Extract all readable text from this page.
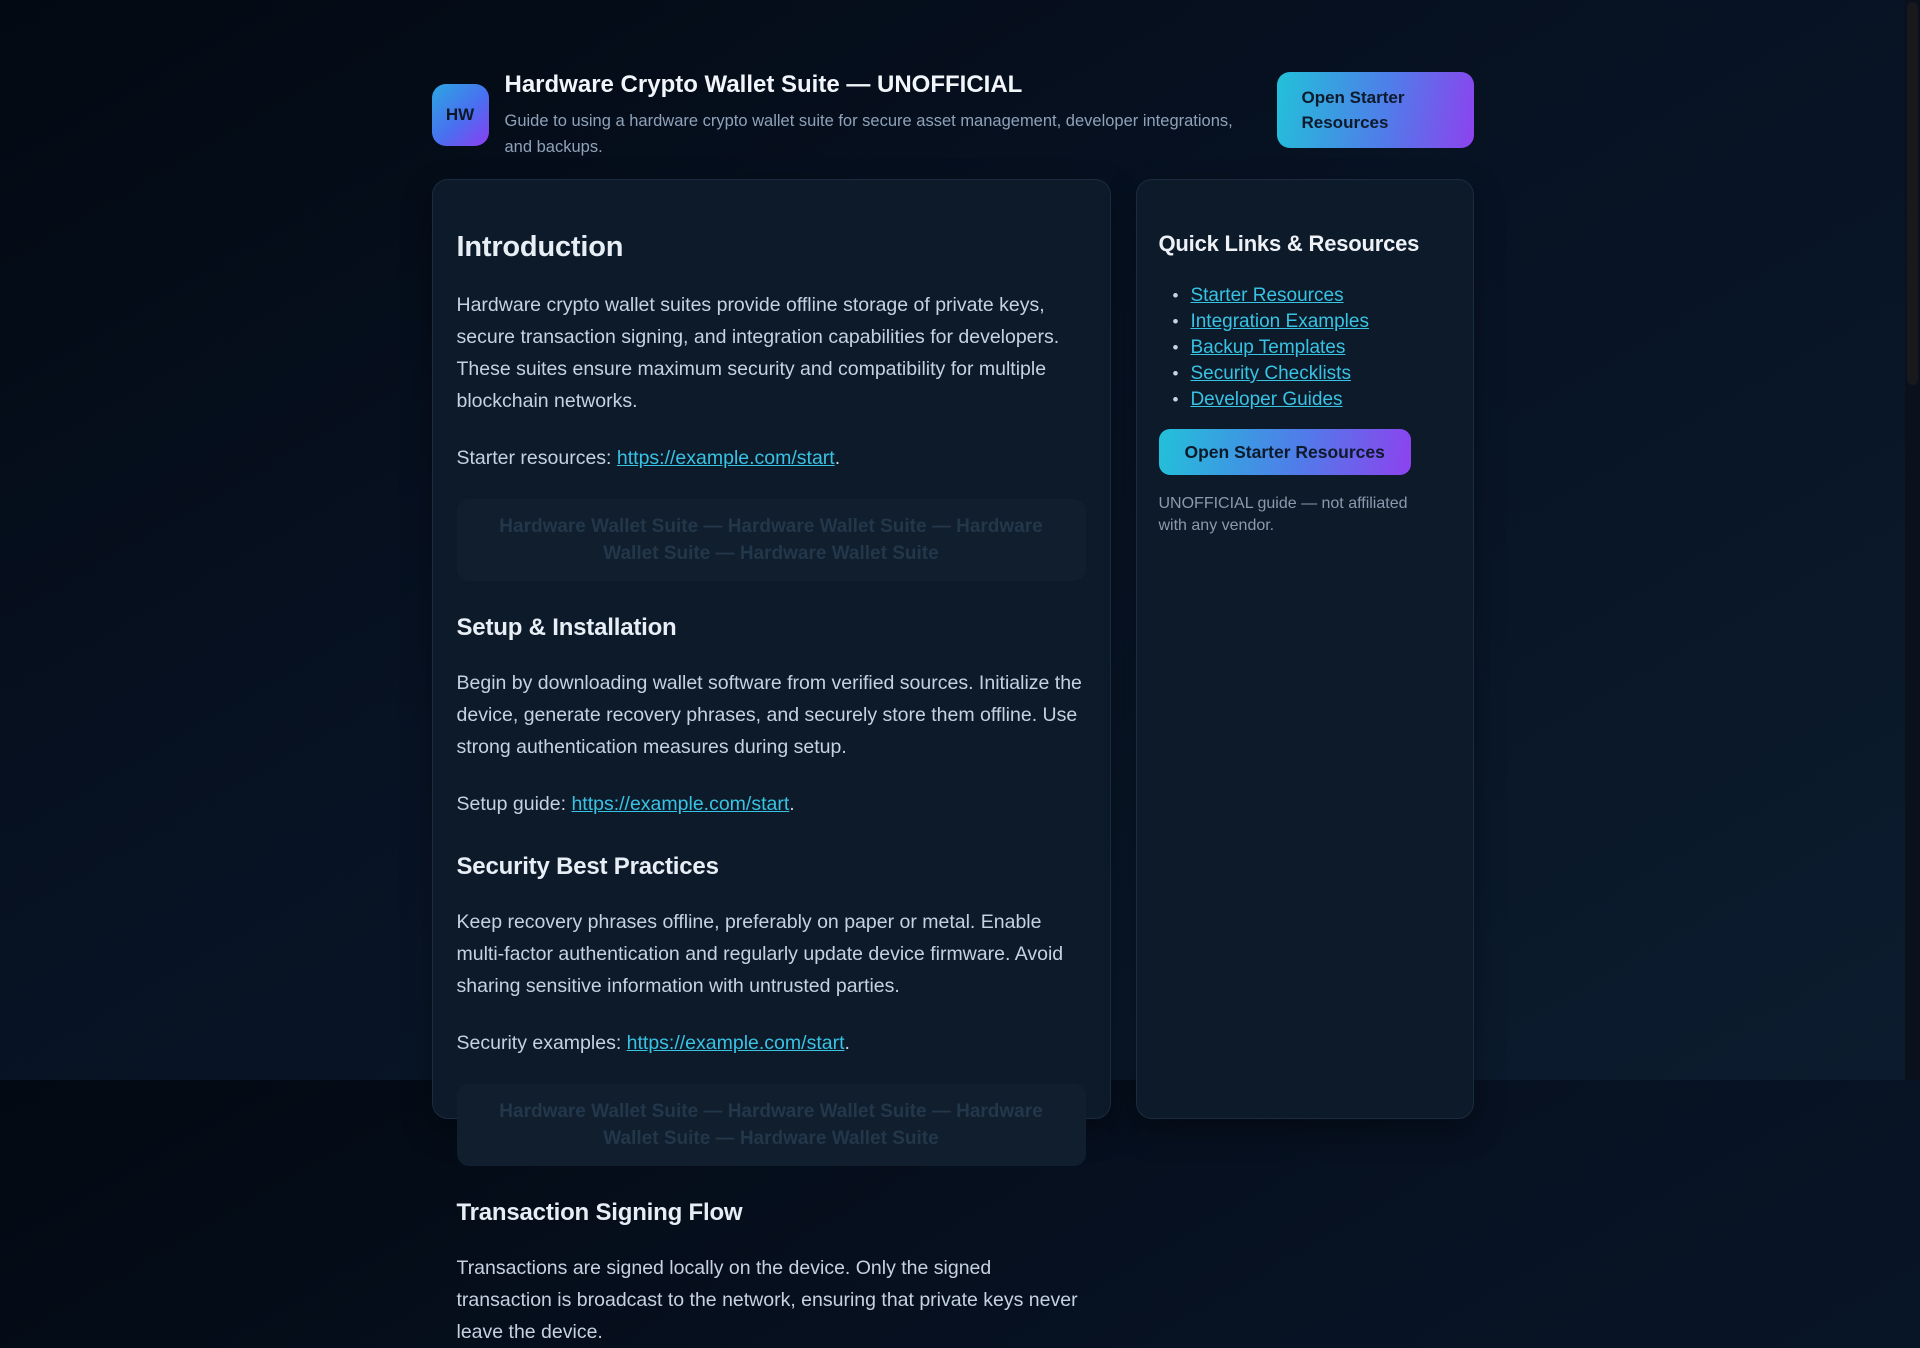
HW
Hardware Crypto Wallet Suite — UNOFFICIAL

Guide to using a hardware crypto wallet suite for secure asset management, developer integrations, and backups.

Open Starter Resources
Introduction

Hardware crypto wallet suites provide offline storage of private keys, secure transaction signing, and integration capabilities for developers. These suites ensure maximum security and compatibility for multiple blockchain networks.

Starter resources: https://example.com/start.

Hardware Wallet Suite — Hardware Wallet Suite — Hardware Wallet Suite — Hardware Wallet Suite
Setup & Installation

Begin by downloading wallet software from verified sources. Initialize the device, generate recovery phrases, and securely store them offline. Use strong authentication measures during setup.

Setup guide: https://example.com/start.

Security Best Practices

Keep recovery phrases offline, preferably on paper or metal. Enable multi-factor authentication and regularly update device firmware. Avoid sharing sensitive information with untrusted parties.

Security examples: https://example.com/start.

Hardware Wallet Suite — Hardware Wallet Suite — Hardware Wallet Suite — Hardware Wallet Suite
Transaction Signing Flow

Transactions are signed locally on the device. Only the signed transaction is broadcast to the network, ensuring that private keys never leave the device.

Quick Links & Resources
• Starter Resources
• Integration Examples
• Backup Templates
• Security Checklists
• Developer Guides
Open Starter Resources

UNOFFICIAL guide — not affiliated with any vendor.
